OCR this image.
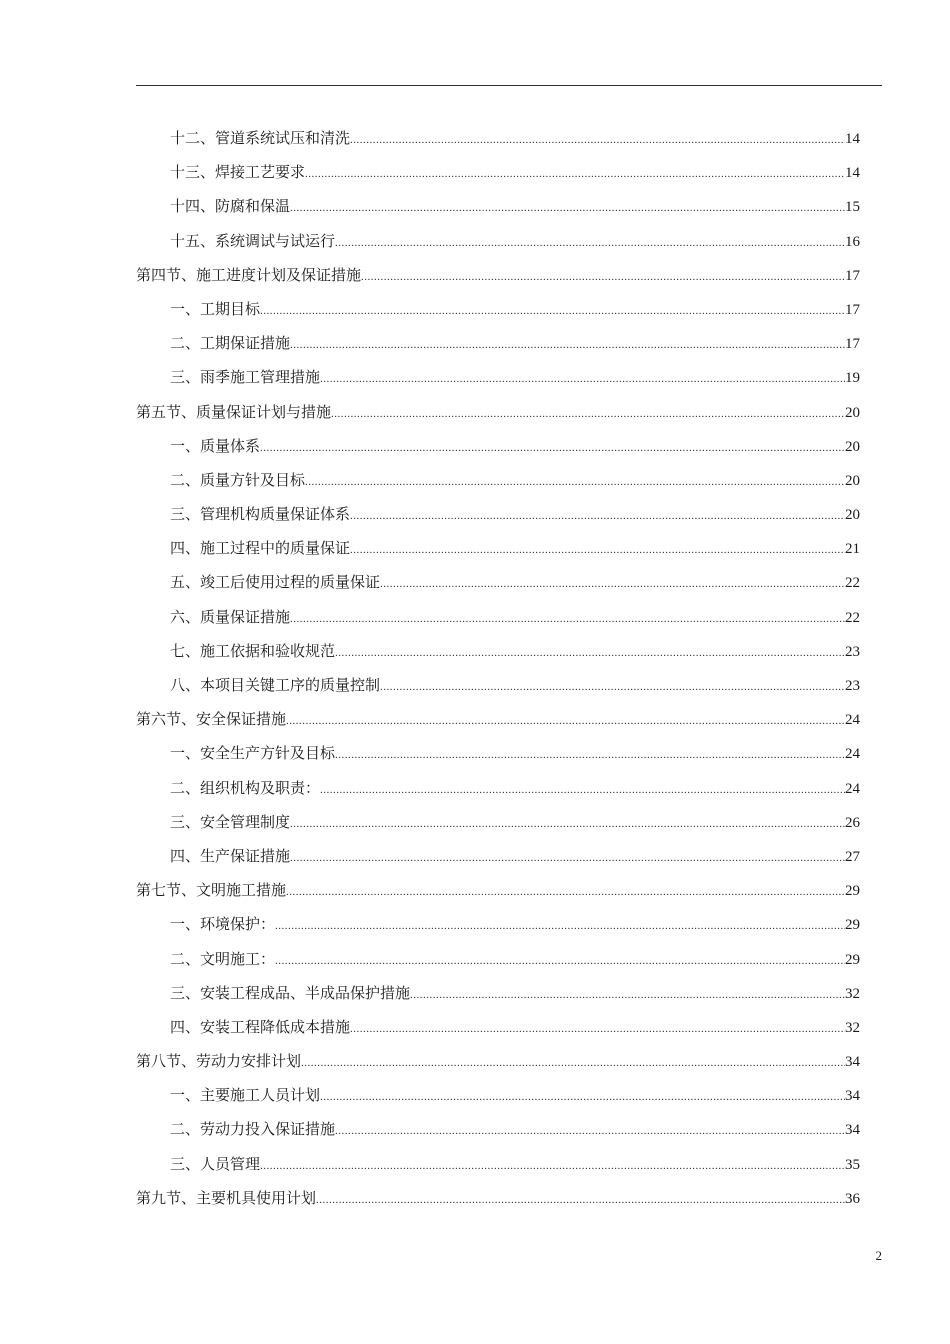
十二、管道系统试压和清洗 .....	14
十三、焊接工艺要求 .....	14
十四、防腐和保温 .....	15
十五、系统调试与试运行 .....	16
第四节、施工进度计划及保证措施 .....	17
一、工期目标 .....	17
二、工期保证措施 .....	17
三、雨季施工管理措施 .....	19
第五节、质量保证计划与措施 .....	20
一、质量体系 .....	20
二、质量方针及目标 .....	20
三、管理机构质量保证体系 .....	20
四、施工过程中的质量保证 .....	21
五、竣工后使用过程的质量保证 .....	22
六、质量保证措施 .....	22
七、施工依据和验收规范 .....	23
八、本项目关键工序的质量控制 .....	23
第六节、安全保证措施 .....	24
一、安全生产方针及目标 .....	24
二、组织机构及职责： .....	24
三、安全管理制度 .....	26
四、生产保证措施 .....	27
第七节、文明施工措施 .....	29
一、环境保护： .....	29
二、文明施工： .....	29
三、安装工程成品、半成品保护措施 .....	32
四、安装工程降低成本措施 .....	32
第八节、劳动力安排计划 .....	34
一、主要施工人员计划 .....	34
二、劳动力投入保证措施 .....	34
三、人员管理 .....	35
第九节、主要机具使用计划 .....	36
2
